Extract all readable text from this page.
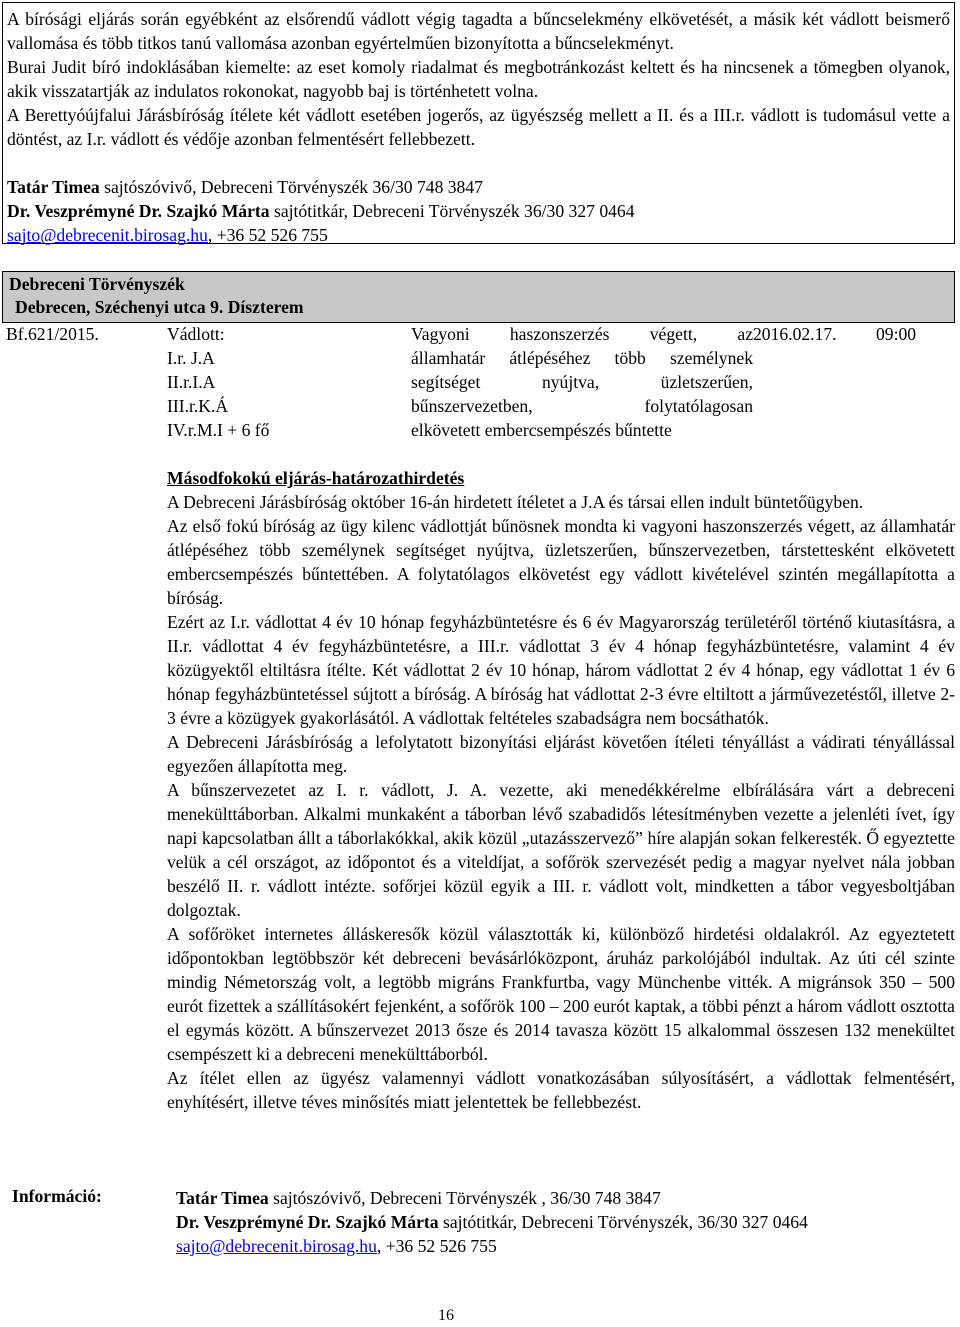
A bírósági eljárás során egyébként az elsőrendű vádlott végig tagadta a bűncselekmény elkövetését, a másik két vádlott beismerő vallomása és több titkos tanú vallomása azonban egyértelműen bizonyította a bűncselekményt.

Burai Judit bíró indoklásában kiemelte: az eset komoly riadalmat és megbotránkozást keltett és ha nincsenek a tömegben olyanok, akik visszatartják az indulatos rokonokat, nagyobb baj is történhetett volna.

A Berettyóújfalui Járásbíróság ítélete két vádlott esetében jogerős, az ügyészség mellett a II. és a III.r. vádlott is tudomásul vette a döntést, az I.r. vádlott és védője azonban felmentésért fellebbezett.

Tatár Timea sajtószóvivő, Debreceni Törvényszék 36/30 748 3847

Dr. Veszprémyné Dr. Szajkó Márta sajtótitkár, Debreceni Törvényszék 36/30 327 0464

sajto@debrecenit.birosag.hu, +36 52 526 755

Debreceni Törvényszék
Debrecen, Széchenyi utca 9. Díszterem
Bf.621/2015.	Vádlott:
I.r. J.A
II.r.I.A
III.r.K.Á
IV.r.M.I + 6 fő
Vagyoni haszonszerzés végett, az
államhatár átlépéséhez több személynek
segítséget nyújtva, üzletszerűen,
bűnszervezetben, folytatólagosan
elkövetett embercsempészés bűntette
2016.02.17. 09:00

Másodfokokú eljárás-határozathirdetés

A Debreceni Járásbíróság október 16-án hirdetett ítéletet a J.A és társai ellen indult büntetőügyben.

Az első fokú bíróság az ügy kilenc vádlottját bűnösnek mondta ki vagyoni haszonszerzés végett, az államhatár átlépéséhez több személynek segítséget nyújtva, üzletszerűen, bűnszervezetben, társtettesként elkövetett embercsempészés bűntettében. A folytatólagos elkövetést egy vádlott kivételével szintén megállapította a bíróság.

Ezért az I.r. vádlottat 4 év 10 hónap fegyházbüntetésre és 6 év Magyarország területéről történő kiutasításra, a II.r. vádlottat 4 év fegyházbüntetésre, a III.r. vádlottat 3 év 4 hónap fegyházbüntetésre, valamint 4 év közügyektől eltiltásra ítélte. Két vádlottat 2 év 10 hónap, három vádlottat 2 év 4 hónap, egy vádlottat 1 év 6 hónap fegyházbüntetéssel sújtott a bíróság. A bíróság hat vádlottat 2-3 évre eltiltott a járművezetéstől, illetve 2-3 évre a közügyek gyakorlásától. A vádlottak feltételes szabadságra nem bocsáthatók.

A Debreceni Járásbíróság a lefolytatott bizonyítási eljárást követően ítéleti tényállást a vádirati tényállással egyezően állapította meg.

A bűnszervezetet az I. r. vádlott, J. A. vezette, aki menedékkérelme elbírálására várt a debreceni menekülttáborban. Alkalmi munkaként a táborban lévő szabadidős létesítményben vezette a jelenléti ívet, így napi kapcsolatban állt a táborlakókkal, akik közül „utazásszervező” híre alapján sokan felkeresték. Ő egyeztette velük a cél országot, az időpontot és a viteldíjat, a sofőrök szervezését pedig a magyar nyelvet nála jobban beszélő II. r. vádlott intézte. sofőrjei közül egyik a III. r. vádlott volt, mindketten a tábor vegyesboltjában dolgoztak.

A sofőröket internetes álláskeresők közül választották ki, különböző hirdetési oldalakról. Az egyeztetett időpontokban legtöbbször két debreceni bevásárlóközpont, áruház parkolójából indultak. Az úti cél szinte mindig Németország volt, a legtöbb migráns Frankfurtba, vagy Münchenbe vitték. A migránsok 350 – 500 eurót fizettek a szállításokért fejenként, a sofőrök 100 – 200 eurót kaptak, a többi pénzt a három vádlott osztotta el egymás között. A bűnszervezet 2013 ősze és 2014 tavasza között 15 alkalommal összesen 132 menekültet csempészett ki a debreceni menekülttáborból.

Az ítélet ellen az ügyész valamennyi vádlott vonatkozásában súlyosításért, a vádlottak felmentésért, enyhítésért, illetve téves minősítés miatt jelentettek be fellebbezést.

Információ:	Tatár Timea sajtószóvivő, Debreceni Törvényszék , 36/30 748 3847
Dr. Veszprémyné Dr. Szajkó Márta sajtótitkár, Debreceni Törvényszék, 36/30 327 0464
sajto@debrecenit.birosag.hu, +36 52 526 755
16
